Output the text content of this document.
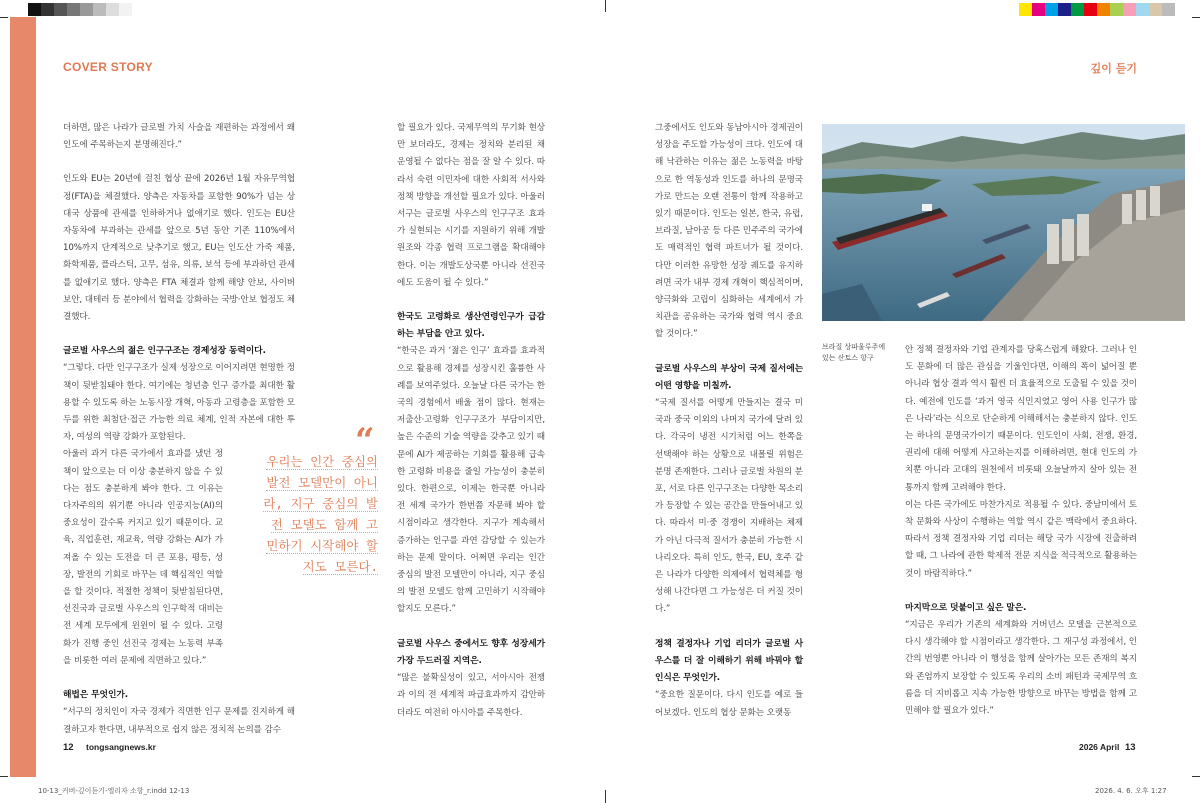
COVER STORY	깊이 듣기

더하면, 많은 나라가 글로벌 가치 사슬을 재편하는 과정에서 왜 인도에 주목하는지 분명해진다.”

인도와 EU는 20년에 걸친 협상 끝에 2026년 1월 자유무역협정(FTA)을 체결했다. 양측은 자동차를 포함한 90%가 넘는 상대국 상품에 관세를 인하하거나 없애기로 했다. 인도는 EU산 자동차에 부과하는 관세를 앞으로 5년 동안 기존 110%에서 10%까지 단계적으로 낮추기로 했고, EU는 인도산 가죽 제품, 화학제품, 플라스틱, 고무, 섬유, 의류, 보석 등에 부과하던 관세를 없애기로 했다. 양측은 FTA 체결과 함께 해양 안보, 사이버 보안, 대테러 등 분야에서 협력을 강화하는 국방·안보 협정도 체결했다.

글로벌 사우스의 젊은 인구구조는 경제성장 동력이다.
“그렇다. 다만 인구구조가 실제 성장으로 이어지려면 현명한 정책이 뒷받침돼야 한다. 여기에는 청년층 인구 증가를 최대한 활용할 수 있도록 하는 노동시장 개혁, 아동과 고령층을 포함한 모두를 위한 최첨단·접근 가능한 의료 체계, 인적 자본에 대한 투자, 여성의 역량 강화가 포함된다.

아울러 과거 다른 국가에서 효과를 냈던 정책이 앞으로는 더 이상 충분하지 않을 수 있다는 점도 충분하게 봐야 한다. 그 이유는 다자주의의 위기뿐 아니라 인공지능(AI)의 중요성이 갈수록 커지고 있기 때문이다. 교육, 직업훈련, 재교육, 역량 강화는 AI가 가져올 수 있는 도전을 더 큰 포용, 평등, 성장, 발전의 기회로 바꾸는 데 핵심적인 역할을 할 것이다. 적절한 정책이 뒷받침된다면, 선진국과 글로벌 사우스의 인구학적 대비는 전 세계 모두에게 윈윈이 될 수 있다. 고령화가 진행 중인 선진국 경제는 노동력 부족을 비롯한 여러 문제에 직면하고 있다.”

해법은 무엇인가.

“서구의 정치인이 자국 경제가 직면한 인구 문제를 진지하게 해결하고자 한다면, 내부적으로 쉽지 않은 정치적 논의를 감수

“
우리는 인간 중심의 발전 모델만이 아니라, 지구 중심의 발전 모델도 함께 고민하기 시작해야 할지도 모른다.

할 필요가 있다. 국제무역의 무기화 현상만 보더라도, 경제는 정치와 분리된 채 운영될 수 없다는 점을 잘 알 수 있다. 따라서 숙련 이민자에 대한 사회적 서사와 정책 방향을 개선할 필요가 있다. 아울러 서구는 글로벌 사우스의 인구구조 효과가 실현되는 시기를 지원하기 위해 개발원조와 각종 협력 프로그램을 확대해야 한다. 이는 개발도상국뿐 아니라 선진국에도 도움이 될 수 있다.”

한국도 고령화로 생산연령인구가 급감하는 부담을 안고 있다.

“한국은 과거 ‘젊은 인구’ 효과를 효과적으로 활용해 경제를 성장시킨 훌륭한 사례를 보여주었다. 오늘날 다른 국가는 한국의 경험에서 배울 점이 많다. 현재는 저출산·고령화 인구구조가 부담이지만, 높은 수준의 기술 역량을 갖추고 있기 때문에 AI가 제공하는 기회를 활용해 급속한 고령화 비용을 줄일 가능성이 충분히 있다. 한편으로, 이제는 한국뿐 아니라 전 세계 국가가 한번쯤 자문해 봐야 할 시점이라고 생각한다. 지구가 계속해서 증가하는 인구를 과연 감당할 수 있는가 하는 문제 말이다. 어쩌면 우리는 인간 중심의 발전 모델만이 아니라, 지구 중심의 발전 모델도 함께 고민하기 시작해야 할지도 모른다.”

글로벌 사우스 중에서도 향후 성장세가 가장 두드러질 지역은.

“많은 불확실성이 있고, 서아시아 전쟁과 이의 전 세계적 파급효과까지 감안하더라도 여전히 아시아를 주목한다.

그중에서도 인도와 동남아시아 경제권이 성장을 주도할 가능성이 크다. 인도에 대해 낙관하는 이유는 젊은 노동력을 바탕으로 한 역동성과 인도를 하나의 문명국가로 만드는 오랜 전통이 함께 작용하고 있기 때문이다. 인도는 일본, 한국, 유럽, 브라질, 남아공 등 다른 민주주의 국가에도 매력적인 협력 파트너가 될 것이다. 다만 이러한 유망한 성장 궤도를 유지하려면 국가 내부 경제 개혁이 핵심적이며, 양극화와 고립이 심화하는 세계에서 가치관을 공유하는 국가와 협력 역시 중요할 것이다.”

글로벌 사우스의 부상이 국제 질서에는 어떤 영향을 미칠까.

“국제 질서를 어떻게 만들지는 결국 미국과 중국 이외의 나머지 국가에 달려 있다. 각국이 냉전 시기처럼 어느 한쪽을 선택해야 하는 상황으로 내몰릴 위험은 분명 존재한다. 그러나 글로벌 차원의 분포, 서로 다른 인구구조는 다양한 목소리가 등장할 수 있는 공간을 만들어내고 있다. 따라서 미·중 경쟁이 지배하는 체제가 아닌 다극적 질서가 충분히 가능한 시나리오다. 특히 인도, 한국, EU, 호주 같은 나라가 다양한 의제에서 협력체를 형성해 나간다면 그 가능성은 더 커질 것이다.”

정책 결정자나 기업 리더가 글로벌 사우스를 더 잘 이해하기 위해 바꿔야 할 인식은 무엇인가.

“중요한 질문이다. 다시 인도를 예로 들어보겠다. 인도의 협상 문화는 오랫동

브라질 상파울루주에 있는 산토스 항구

안 정책 결정자와 기업 관계자를 당혹스럽게 해왔다. 그러나 인도 문화에 더 많은 관심을 기울인다면, 이해의 폭이 넓어질 뿐 아니라 협상 결과 역시 훨씬 더 효율적으로 도출될 수 있을 것이다. 예전에 인도를 ‘과거 영국 식민지였고 영어 사용 인구가 많은 나라’라는 식으로 단순하게 이해해서는 충분하지 않다. 인도는 하나의 문명국가이기 때문이다. 인도인이 사회, 전쟁, 환경, 권리에 대해 어떻게 사고하는지를 이해하려면, 현대 인도의 가치뿐 아니라 고대의 원천에서 비롯돼 오늘날까지 살아 있는 전통까지 함께 고려해야 한다.

이는 다른 국가에도 마찬가지로 적용될 수 있다. 중남미에서 토착 문화와 사상이 수행하는 역할 역시 같은 맥락에서 중요하다. 따라서 정책 결정자와 기업 리더는 해당 국가 시장에 진출하려 할 때, 그 나라에 관한 학제적 전문 지식을 적극적으로 활용하는 것이 바람직하다.”

마지막으로 덧붙이고 싶은 말은.

“지금은 우리가 기존의 세계화와 거버넌스 모델을 근본적으로 다시 생각해야 할 시점이라고 생각한다. 그 재구성 과정에서, 인간의 번영뿐 아니라 이 행성을 함께 살아가는 모든 존재의 복지와 존엄까지 보장할 수 있도록 우리의 소비 패턴과 국제무역 흐름을 더 지비롭고 지속 가능한 방향으로 바꾸는 방법을 함께 고민해야 할 필요가 있다.”

12 tongsangnews.kr	2026 April 13
10-13_커버-깊이듣기-엘리자 소항_r.indd 12-13	2026. 4. 6. 오후 1:27
